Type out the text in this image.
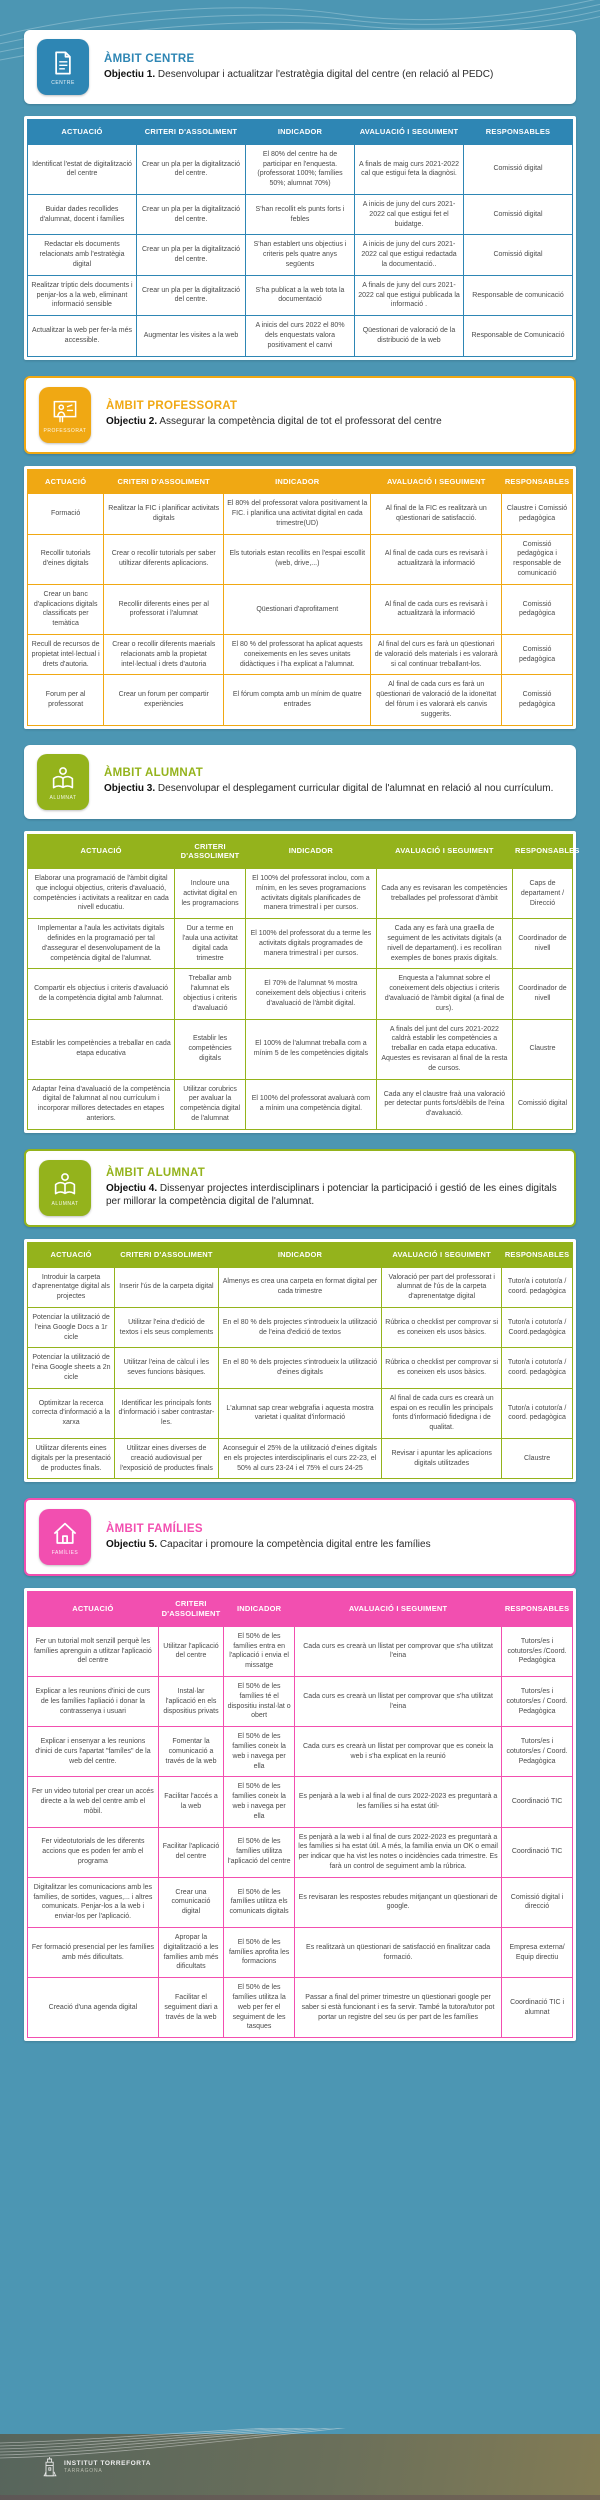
CENTRE
ÀMBIT CENTRE
Objectiu 1. Desenvolupar i actualitzar l'estratègia digital del centre (en relació al PEDC)
ACTUACIÓ	CRITERI D'ASSOLIMENT	INDICADOR	AVALUACIÓ I SEGUIMENT	RESPONSABLES
Identificat l'estat de digitalització del centre	Crear un pla per la digitalització del centre.	El 80% del centre ha de participar en l'enquesta. (professorat 100%; famílies 50%; alumnat 70%)	A finals de maig curs 2021-2022 cal que estigui feta la diagnòsi.	Comissió digital
Buidar dades recollides d'alumnat, docent i famílies	Crear un pla per la digitalització del centre.	S'han recollit els punts forts i febles	A inicis de juny del curs 2021-2022 cal que estigui fet el buidatge.	Comissió digital
Redactar els documents relacionats amb l'estratègia digital	Crear un pla per la digitalització del centre.	S'han establert uns objectius i criteris pels quatre anys següents	A inicis de juny del curs 2021-2022 cal que estigui redactada la documentació..	Comissió digital
Realitzar tríptic dels documents i penjar-los a la web, eliminant informació sensible	Crear un pla per la digitalització del centre.	S'ha publicat a la web tota la documentació	A finals de juny del curs 2021-2022 cal que estigui publicada la informació .	Responsable de comunicació
Actualitzar la web per fer-la més accessible.	Augmentar les visites a la web	A inicis del curs 2022 el 80% dels enquestats valora positivament el canvi	Qüestionari de valoració de la distribució de la web	Responsable de Comunicació
PROFESSORAT
ÀMBIT PROFESSORAT
Objectiu 2. Assegurar la competència digital de tot el professorat del centre
ACTUACIÓ	CRITERI D'ASSOLIMENT	INDICADOR	AVALUACIÓ I SEGUIMENT	RESPONSABLES
Formació	Realitzar la FIC i planificar activitats digitals	El 80% del professorat valora positivament la FIC. i planifica una activitat digital en cada trimestre(UD)	Al final de la FIC es realitzarà un qüestionari de satisfacció.	Claustre i Comissió pedagògica
Recollir tutorials d'eines digitals	Crear o recollir tutorials per saber utiltizar diferents aplicacions.	Els tutorials estan recollits en l'espai escollit (web, drive,...)	Al final de cada curs es revisarà i actualitzarà la informació	Comissió pedagògica i responsable de comunicació
Crear un banc d'aplicacions digitals classificats per temàtica	Recollir diferents eines per al professorat i l'alumnat	Qüestionari d'aprofitament	Al final de cada curs es revisarà i actualitzarà la informació	Comissió pedagògica
Recull de recursos de propietat intel·lectual i drets d'autoria.	Crear o recollir diferents maerials relacionats amb la propietat intel·lectual i drets d'autoria	El 80 % del professorat ha aplicat aquests coneixements en les seves unitats didàctiques i l'ha explicat a l'alumnat.	Al final del curs es farà un qüestionari de valoració dels materials i es valorarà si cal continuar treballant-los.	Comissió pedagògica
Forum per al professorat	Crear un forum per compartir experiències	El fórum compta amb un mínim de quatre entrades	Al final de cada curs es farà un qüestionari de valoració de la idoneïtat del fòrum i es valorarà els canvis suggerits.	Comissió pedagògica
ALUMNAT
ÀMBIT ALUMNAT
Objectiu 3. Desenvolupar el desplegament curricular digital de l'alumnat en relació al nou currículum.
ACTUACIÓ	CRITERI D'ASSOLIMENT	INDICADOR	AVALUACIÓ I SEGUIMENT	RESPONSABLES
Elaborar una programació de l'àmbit digital que inclogui objectius, criteris d'avaluació, competències i activitats a realitzar en cada nivell educatiu.	Incloure una activitat digital en les programacions	El 100% del professorat inclou, com a mínim, en les seves programacions activitats digitals planificades de manera trimestral i per cursos.	Cada any es revisaran les competències treballades pel professorat d'àmbit	Caps de departament / Direcció
Implementar a l'aula les activitats digitals definides en la programació per tal d'assegurar el desenvolupament de la competència digital de l'alumnat.	Dur a terme en l'aula una activitat digital cada trimestre	El 100% del professorat du a terme les activitats digitals programades de manera trimestral i per cursos.	Cada any es farà una graella de seguiment de les activitats digitals (a nivell de departament). i es recolliran exemples de bones praxis digitals.	Coordinador de nivell
Compartir els objectius i criteris d'avaluació de la competència digital amb l'alumnat.	Treballar amb l'alumnat els objectius i criteris d'avaluació	El 70% de l'alumnat % mostra coneixement dels objectius i criteris d'avaluació de l'àmbit digital.	Enquesta a l'alumnat sobre el coneixement dels objectius i criteris d'avaluació de l'àmbit digital (a final de curs).	Coordinador de nivell
Establir les competències a treballar en cada etapa educativa	Establir les competències digitals	El 100% de l'alumnat treballa com a mínim 5 de les competències digitals	A finals del junt del curs 2021-2022 caldrà establir les competències a treballar en cada etapa educativa. Aquestes es revisaran al final de la resta de cursos.	Claustre
Adaptar l'eina d'avaluació de la competència digital de l'alumnat al nou currículum i incorporar millores detectades en etapes anteriors.	Utilitzar corubrics per avaluar la competència digital de l'alumnat	El 100% del professorat avaluarà com a mínim una competència digital.	Cada any el claustre fraà una valoració per detectar punts forts/dèbils de l'eina d'avaluació.	Comissió digital
ALUMNAT
ÀMBIT ALUMNAT
Objectiu 4. Dissenyar projectes interdisciplinars i potenciar la participació i gestió de les eines digitals per millorar la competència digital de l'alumnat.
ACTUACIÓ	CRITERI D'ASSOLIMENT	INDICADOR	AVALUACIÓ I SEGUIMENT	RESPONSABLES
Introduir la carpeta d'aprenentatge digital als projectes	Inserir l'ús de la carpeta digital	Almenys es crea una carpeta en format digital per cada trimestre	Valoració per part del professorat i alumnat de l'ús de la carpeta d'aprenentatge digital	Tutor/a i cotutor/a / coord. pedagògica
Potenciar la utilització de l'eina Google Docs a 1r cicle	Utilitzar l'eina d'edició de textos i els seus complements	En el 80 % dels projectes s'introdueix la utilització de l'eina d'edició de textos	Rúbrica o checklist per comprovar si es coneixen els usos bàsics.	Tutor/a i cotutor/a / Coord.pedagògica
Potenciar la utilització de l'eina Google sheets a 2n cicle	Utilitzar l'eina de càlcul i les seves funcions bàsiques.	En el 80 % dels projectes s'introdueix la utilització d'eines digitals	Rúbrica o checklist per comprovar si es coneixen els usos bàsics.	Tutor/a i cotutor/a / coord. pedagògica
Optimitzar la recerca correcta d'informació a la xarxa	Identificar les principals fonts d'informació i saber contrastar-les.	L'alumnat sap crear webgrafia i aquesta mostra varietat i qualitat d'informació	Al final de cada curs es crearà un espai on es recullin les principals fonts d'informació fidedigna i de qualitat.	Tutor/a i cotutor/a / coord. pedagògica
Utilitzar diferents eines digitals per la presentació de productes finals.	Utilitzar eines diverses de creació audiovisual per l'exposició de productes finals	Aconseguir el 25% de la utilització d'eines digitals en els projectes interdisciplinaris el curs 22-23, el 50% al curs 23-24 i el 75% el curs 24-25	Revisar i apuntar les aplicacions digitals utilitzades	Claustre
FAMÍLIES
ÀMBIT FAMÍLIES
Objectiu 5. Capacitar i promoure la competència digital entre les famílies
ACTUACIÓ	CRITERI D'ASSOLIMENT	INDICADOR	AVALUACIÓ I SEGUIMENT	RESPONSABLES
Fer un tutorial molt senzill perquè les famílies aprenguin a utlitzar l'aplicació del centre	Utilitzar l'aplicació del centre	El 50% de les famílies entra en l'aplicació i envia el missatge	Cada curs es crearà un llistat per comprovar que s'ha utilitzat l'eina	Tutors/es i cotutors/es /Coord. Pedagògica
Explicar a les reunions d'inici de curs de les famílies l'apliació i donar la contrassenya i usuari	Instal·lar l'aplicació en els dispositius privats	El 50% de les famílies té el dispositiu instal·lat o obert	Cada curs es crearà un llistat per comprovar que s'ha utilitzat l'eina	Tutors/es i cotutors/es / Coord. Pedagògica
Explicar i ensenyar a les reunions d'inici de curs l'apartat "famíles" de la web del centre.	Fomentar la comunicació a través de la web	El 50% de les famílies coneix la web i navega per ella	Cada curs es crearà un llistat per comprovar que es coneix la web i s'ha explicat en la reunió	Tutors/es i cotutors/es / Coord. Pedagògica
Fer un video tutorial per crear un accés directe a la web del centre amb el mòbil.	Facilitar l'accés a la web	El 50% de les famílies coneix la web i navega per ella	Es penjarà a la web i al final de curs 2022-2023 es preguntarà a les famílies si ha estat útil-	Coordinació TIC
Fer videotutorials de les diferents accions que es poden fer amb el programa	Facilitar l'aplicació del centre	El 50% de les famílies utilitza l'aplicació del centre	Es penjarà a la web i al final de curs 2022-2023 es preguntarà a les famílies si ha estat útil. A més, la família envia un OK o email per indicar que ha vist les notes o incidències cada trimestre. Es farà un control de seguiment amb la rúbrica.	Coordinació TIC
Digitalitzar les comunicacions amb les famílies, de sortides, vagues,... i altres comunicats. Penjar-los a la web i enviar-los per l'aplicació.	Crear una comunicació digital	El 50% de les famílies utilitza els comunicats digitals	Es revisaran les respostes rebudes mitjançant un qüestionari de google.	Comissió digital i direcció
Fer formació presencial per les famílies amb més dificultats.	Apropar la digitalització a les famílies amb més dificultats	El 50% de les famílies aprofita les formacions	Es realitzarà un qüestionari de satisfacció en finalitzar cada formació.	Empresa externa/ Equip directiu
Creació d'una agenda digital	Facilitar el seguiment diari a través de la web	El 50% de les famílies utilitza la web per fer el seguiment de les tasques	Passar a final del primer trimestre un qüestionari google per saber si està funcionant i es fa servir. També la tutora/tutor pot portar un registre del seu ús per part de les famílies	Coordinació TIC i alumnat
INSTITUT TORREFORTA
TARRAGONA
